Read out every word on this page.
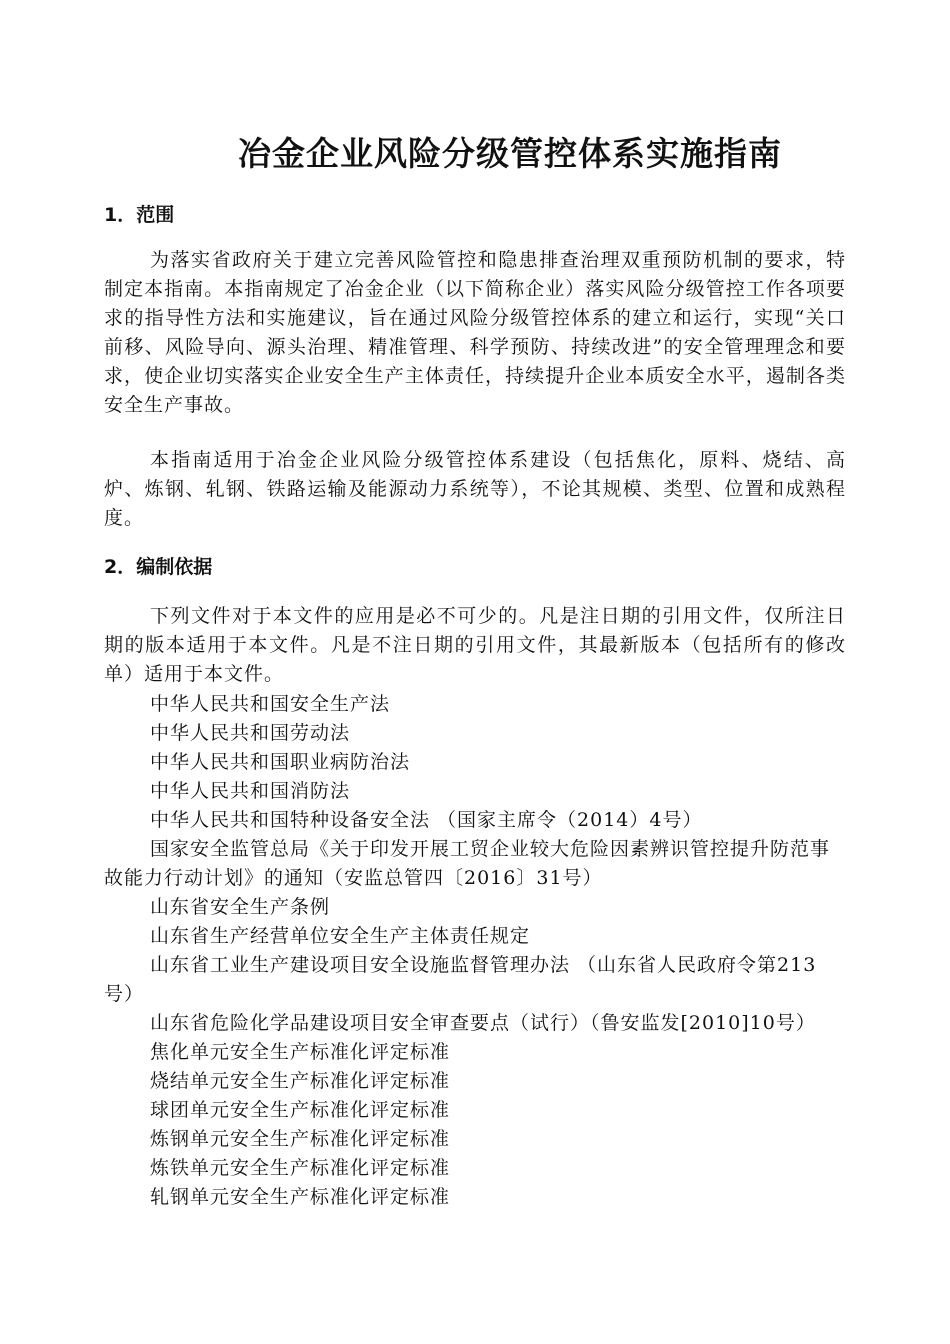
冶金企业风险分级管控体系实施指南
1．范围

为落实省政府关于建立完善风险管控和隐患排查治理双重预防机制的要求，特制定本指南。本指南规定了冶金企业（以下简称企业）落实风险分级管控工作各项要求的指导性方法和实施建议，旨在通过风险分级管控体系的建立和运行，实现“关口前移、风险导向、源头治理、精准管理、科学预防、持续改进”的安全管理理念和要求，使企业切实落实企业安全生产主体责任，持续提升企业本质安全水平，遏制各类安全生产事故。

本指南适用于冶金企业风险分级管控体系建设（包括焦化，原料、烧结、高炉、炼钢、轧钢、铁路运输及能源动力系统等），不论其规模、类型、位置和成熟程度。

2．编制依据

下列文件对于本文件的应用是必不可少的。凡是注日期的引用文件，仅所注日期的版本适用于本文件。凡是不注日期的引用文件，其最新版本（包括所有的修改单）适用于本文件。

中华人民共和国安全生产法
中华人民共和国劳动法
中华人民共和国职业病防治法
中华人民共和国消防法
中华人民共和国特种设备安全法 （国家主席令（2014）4号）
国家安全监管总局《关于印发开展工贸企业较大危险因素辨识管控提升防范事故能力行动计划》的通知（安监总管四〔2016〕31号）
山东省安全生产条例
山东省生产经营单位安全生产主体责任规定
山东省工业生产建设项目安全设施监督管理办法 （山东省人民政府令第213号）
山东省危险化学品建设项目安全审查要点（试行）（鲁安监发[2010]10号）
焦化单元安全生产标准化评定标准
烧结单元安全生产标准化评定标准
球团单元安全生产标准化评定标准
炼钢单元安全生产标准化评定标准
炼铁单元安全生产标准化评定标准
轧钢单元安全生产标准化评定标准
